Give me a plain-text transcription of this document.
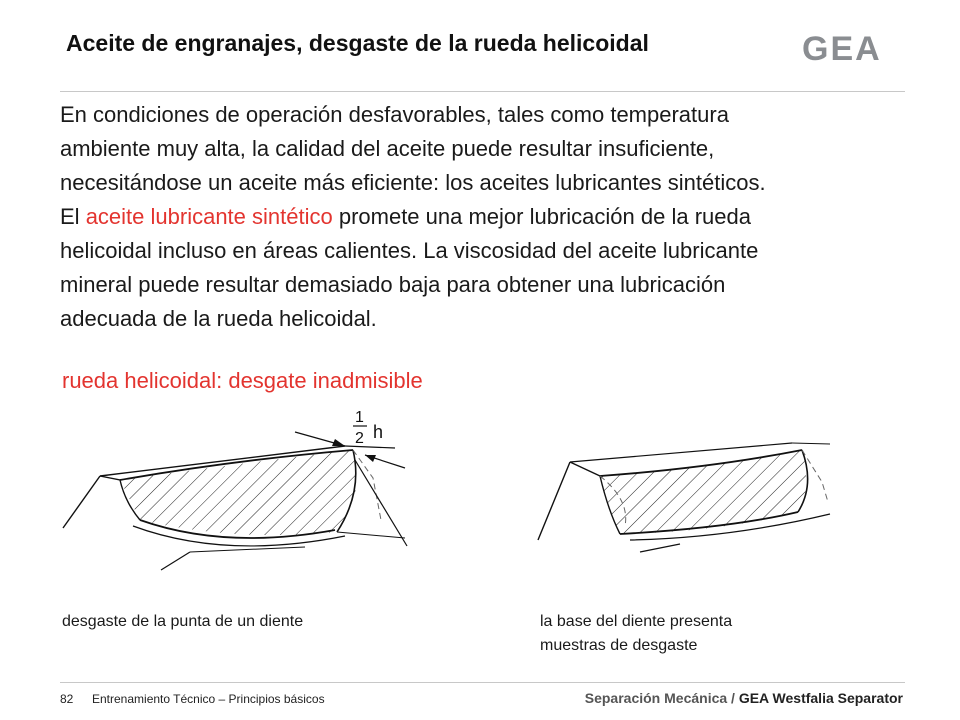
Aceite de engranajes, desgaste de la rueda helicoidal	GEA

En condiciones de operación desfavorables, tales como temperatura
ambiente muy alta, la calidad del aceite puede resultar insuficiente,
necesitándose un aceite más eficiente: los aceites lubricantes sintéticos.
El aceite lubricante sintético promete una mejor lubricación de la rueda
helicoidal incluso en áreas calientes. La viscosidad del aceite lubricante
mineral puede resultar demasiado baja para obtener una lubricación
adecuada de la rueda helicoidal.

rueda helicoidal: desgate inadmisible
1
2 h
desgaste de la punta de un diente	la base del diente presenta
muestras de desgaste
82 Entrenamiento Técnico – Principios básicos	Separación Mecánica / GEA Westfalia Separator
